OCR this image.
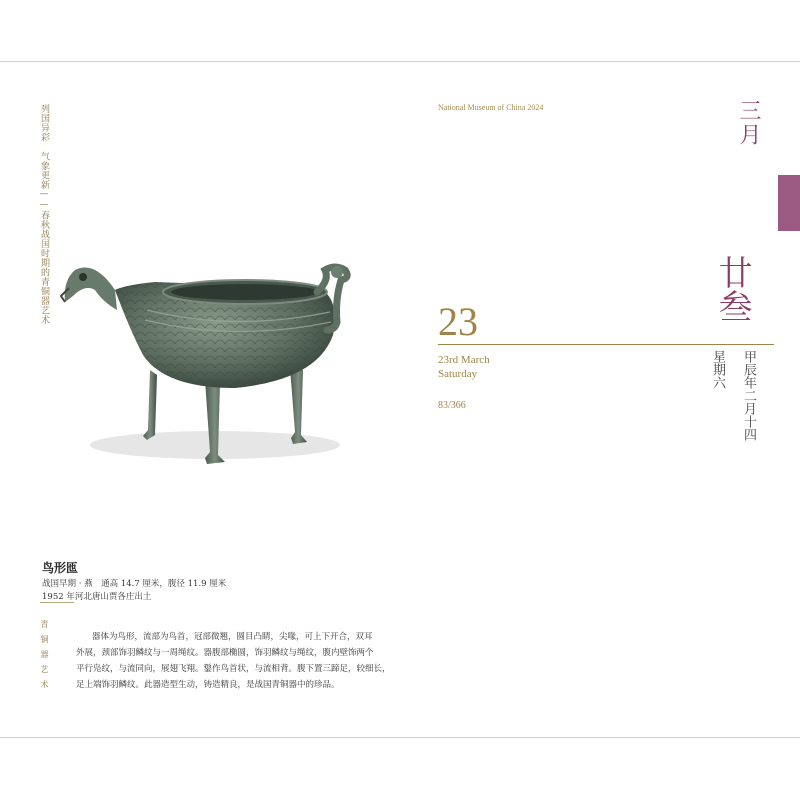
列国异彩　气象更新——春秋战国时期的青铜器艺术
青铜器艺术
National Museum of China 2024	三月
廿叁
23
23rd March
Saturday
83/366	甲辰年二月十四
星期六
鸟形匜
战国早期 · 燕　通高 14.7 厘米，腹径 11.9 厘米
1952 年河北唐山贾各庄出土
器体为鸟形，流部为鸟首，冠部微翘，圆目凸睛，尖喙，可上下开合，双耳
外展，颈部饰羽鳞纹与一周绳纹。器腹部椭圆，饰羽鳞纹与绳纹，腹内壁饰两个
平行凫纹，与流同向，展翅飞翔。鋬作鸟首状，与流相背。腹下置三蹄足，较细长，
足上端饰羽鳞纹。此器造型生动，铸造精良，是战国青铜器中的珍品。
